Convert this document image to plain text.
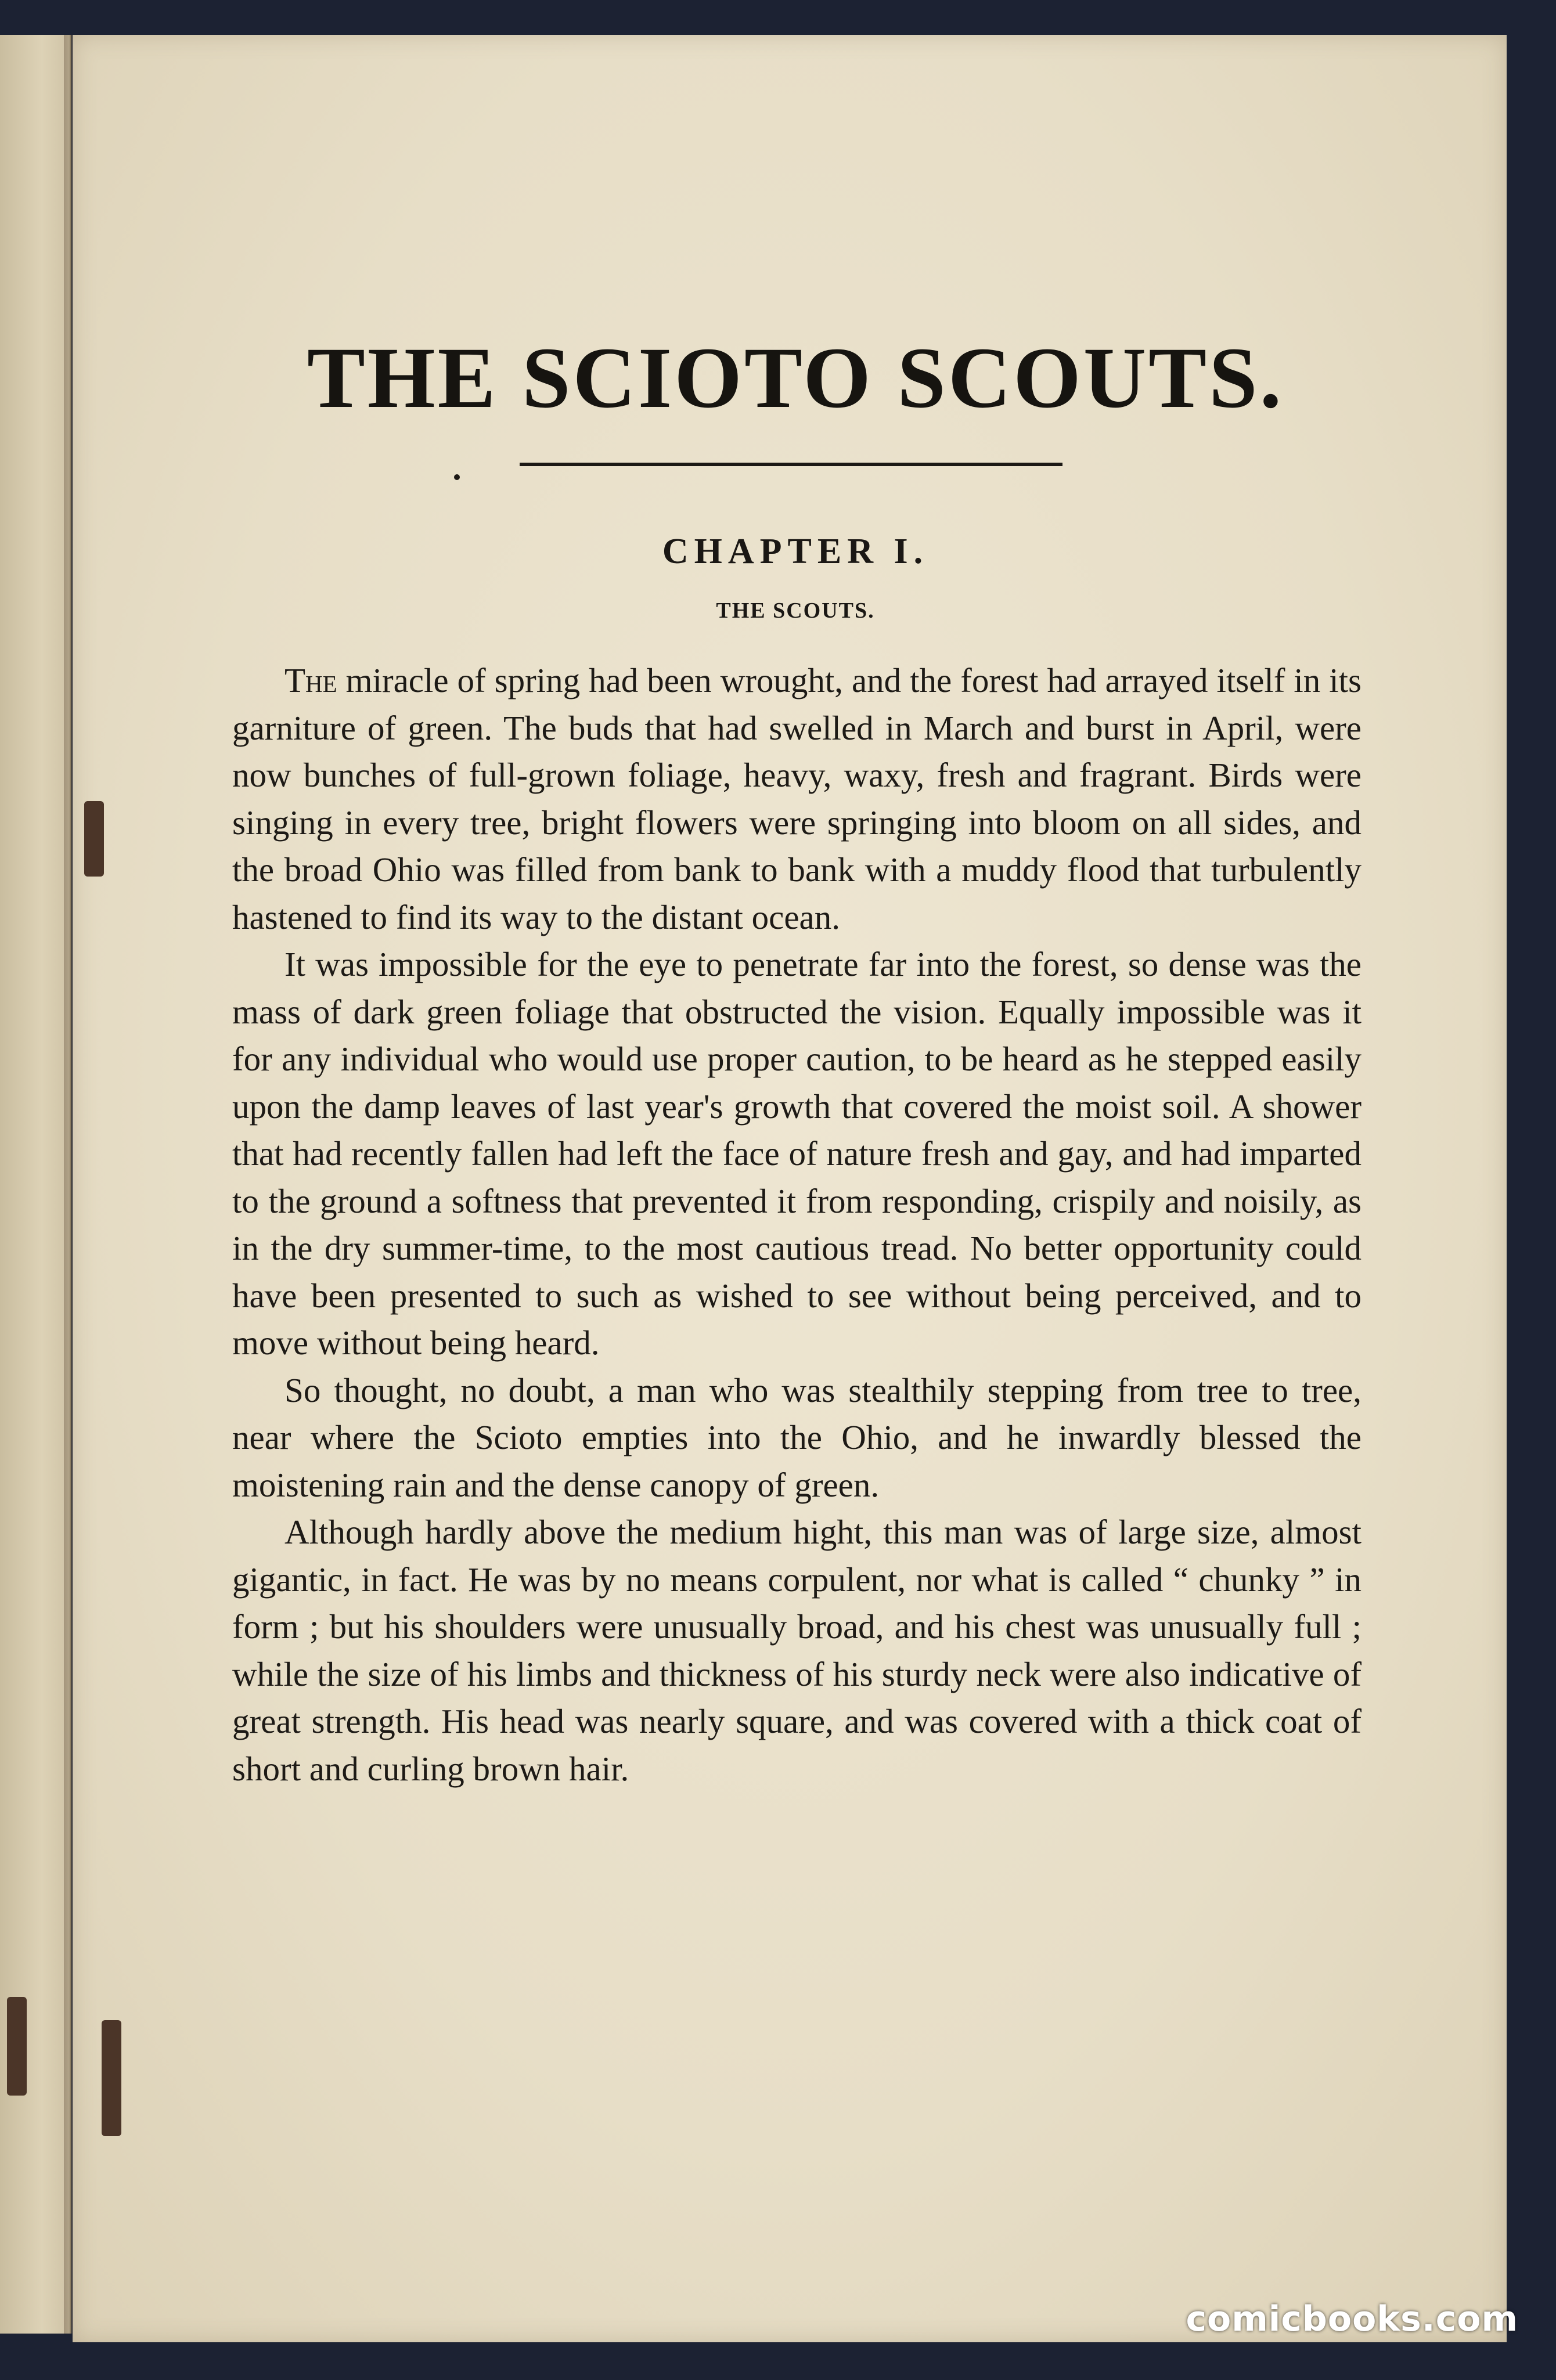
THE SCIOTO SCOUTS.
CHAPTER I.
THE SCOUTS.

The miracle of spring had been wrought, and the forest had arrayed itself in its garniture of green. The buds that had swelled in March and burst in April, were now bunches of full-grown foliage, heavy, waxy, fresh and fragrant. Birds were singing in every tree, bright flowers were springing into bloom on all sides, and the broad Ohio was filled from bank to bank with a muddy flood that turbulently hastened to find its way to the distant ocean.

It was impossible for the eye to penetrate far into the forest, so dense was the mass of dark green foliage that obstructed the vision. Equally impossible was it for any individual who would use proper caution, to be heard as he stepped easily upon the damp leaves of last year's growth that covered the moist soil. A shower that had recently fallen had left the face of nature fresh and gay, and had imparted to the ground a softness that prevented it from responding, crispily and noisily, as in the dry summer-time, to the most cautious tread. No better opportunity could have been presented to such as wished to see without being perceived, and to move without being heard.

So thought, no doubt, a man who was stealthily stepping from tree to tree, near where the Scioto empties into the Ohio, and he inwardly blessed the moistening rain and the dense canopy of green.

Although hardly above the medium hight, this man was of large size, almost gigantic, in fact. He was by no means corpulent, nor what is called “ chunky ” in form ; but his shoulders were unusually broad, and his chest was unusually full ; while the size of his limbs and thickness of his sturdy neck were also indicative of great strength. His head was nearly square, and was covered with a thick coat of short and curling brown hair.

comicbooks.com
